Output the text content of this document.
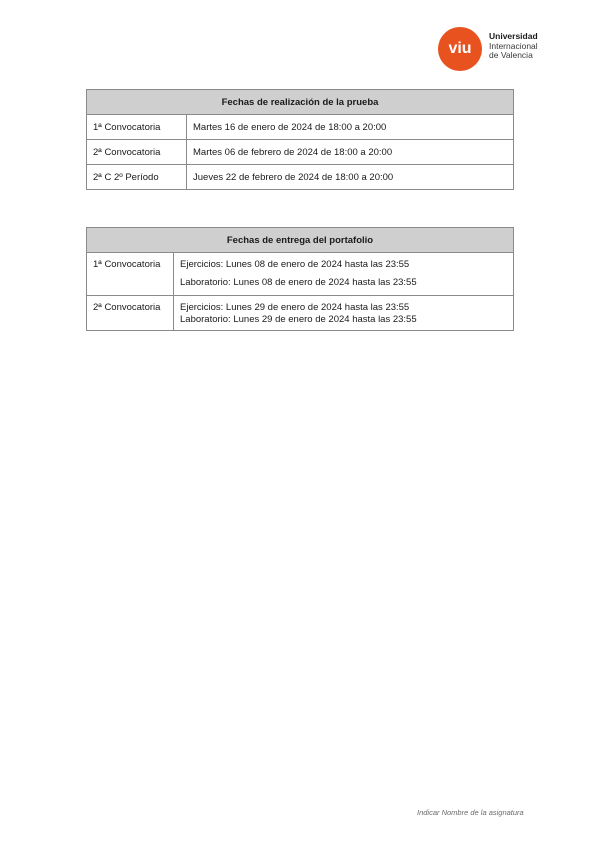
viu
Universidad
Internacional
de Valencia
Fechas de realización de la prueba	
1ª Convocatoria	Martes 16 de enero de 2024 de 18:00 a 20:00
2ª Convocatoria	Martes 06 de febrero de 2024 de 18:00 a 20:00
2ª C 2º Período	Jueves 22 de febrero de 2024 de 18:00 a 20:00
Fechas de entrega del portafolio	
1ª Convocatoria	Ejercicios: Lunes 08 de enero de 2024 hasta las 23:55
Laboratorio: Lunes 08 de enero de 2024 hasta las 23:55

2ª Convocatoria	Ejercicios: Lunes 29 de enero de 2024 hasta las 23:55
Laboratorio: Lunes 29 de enero de 2024 hasta las 23:55
Indicar Nombre de la asignatura
